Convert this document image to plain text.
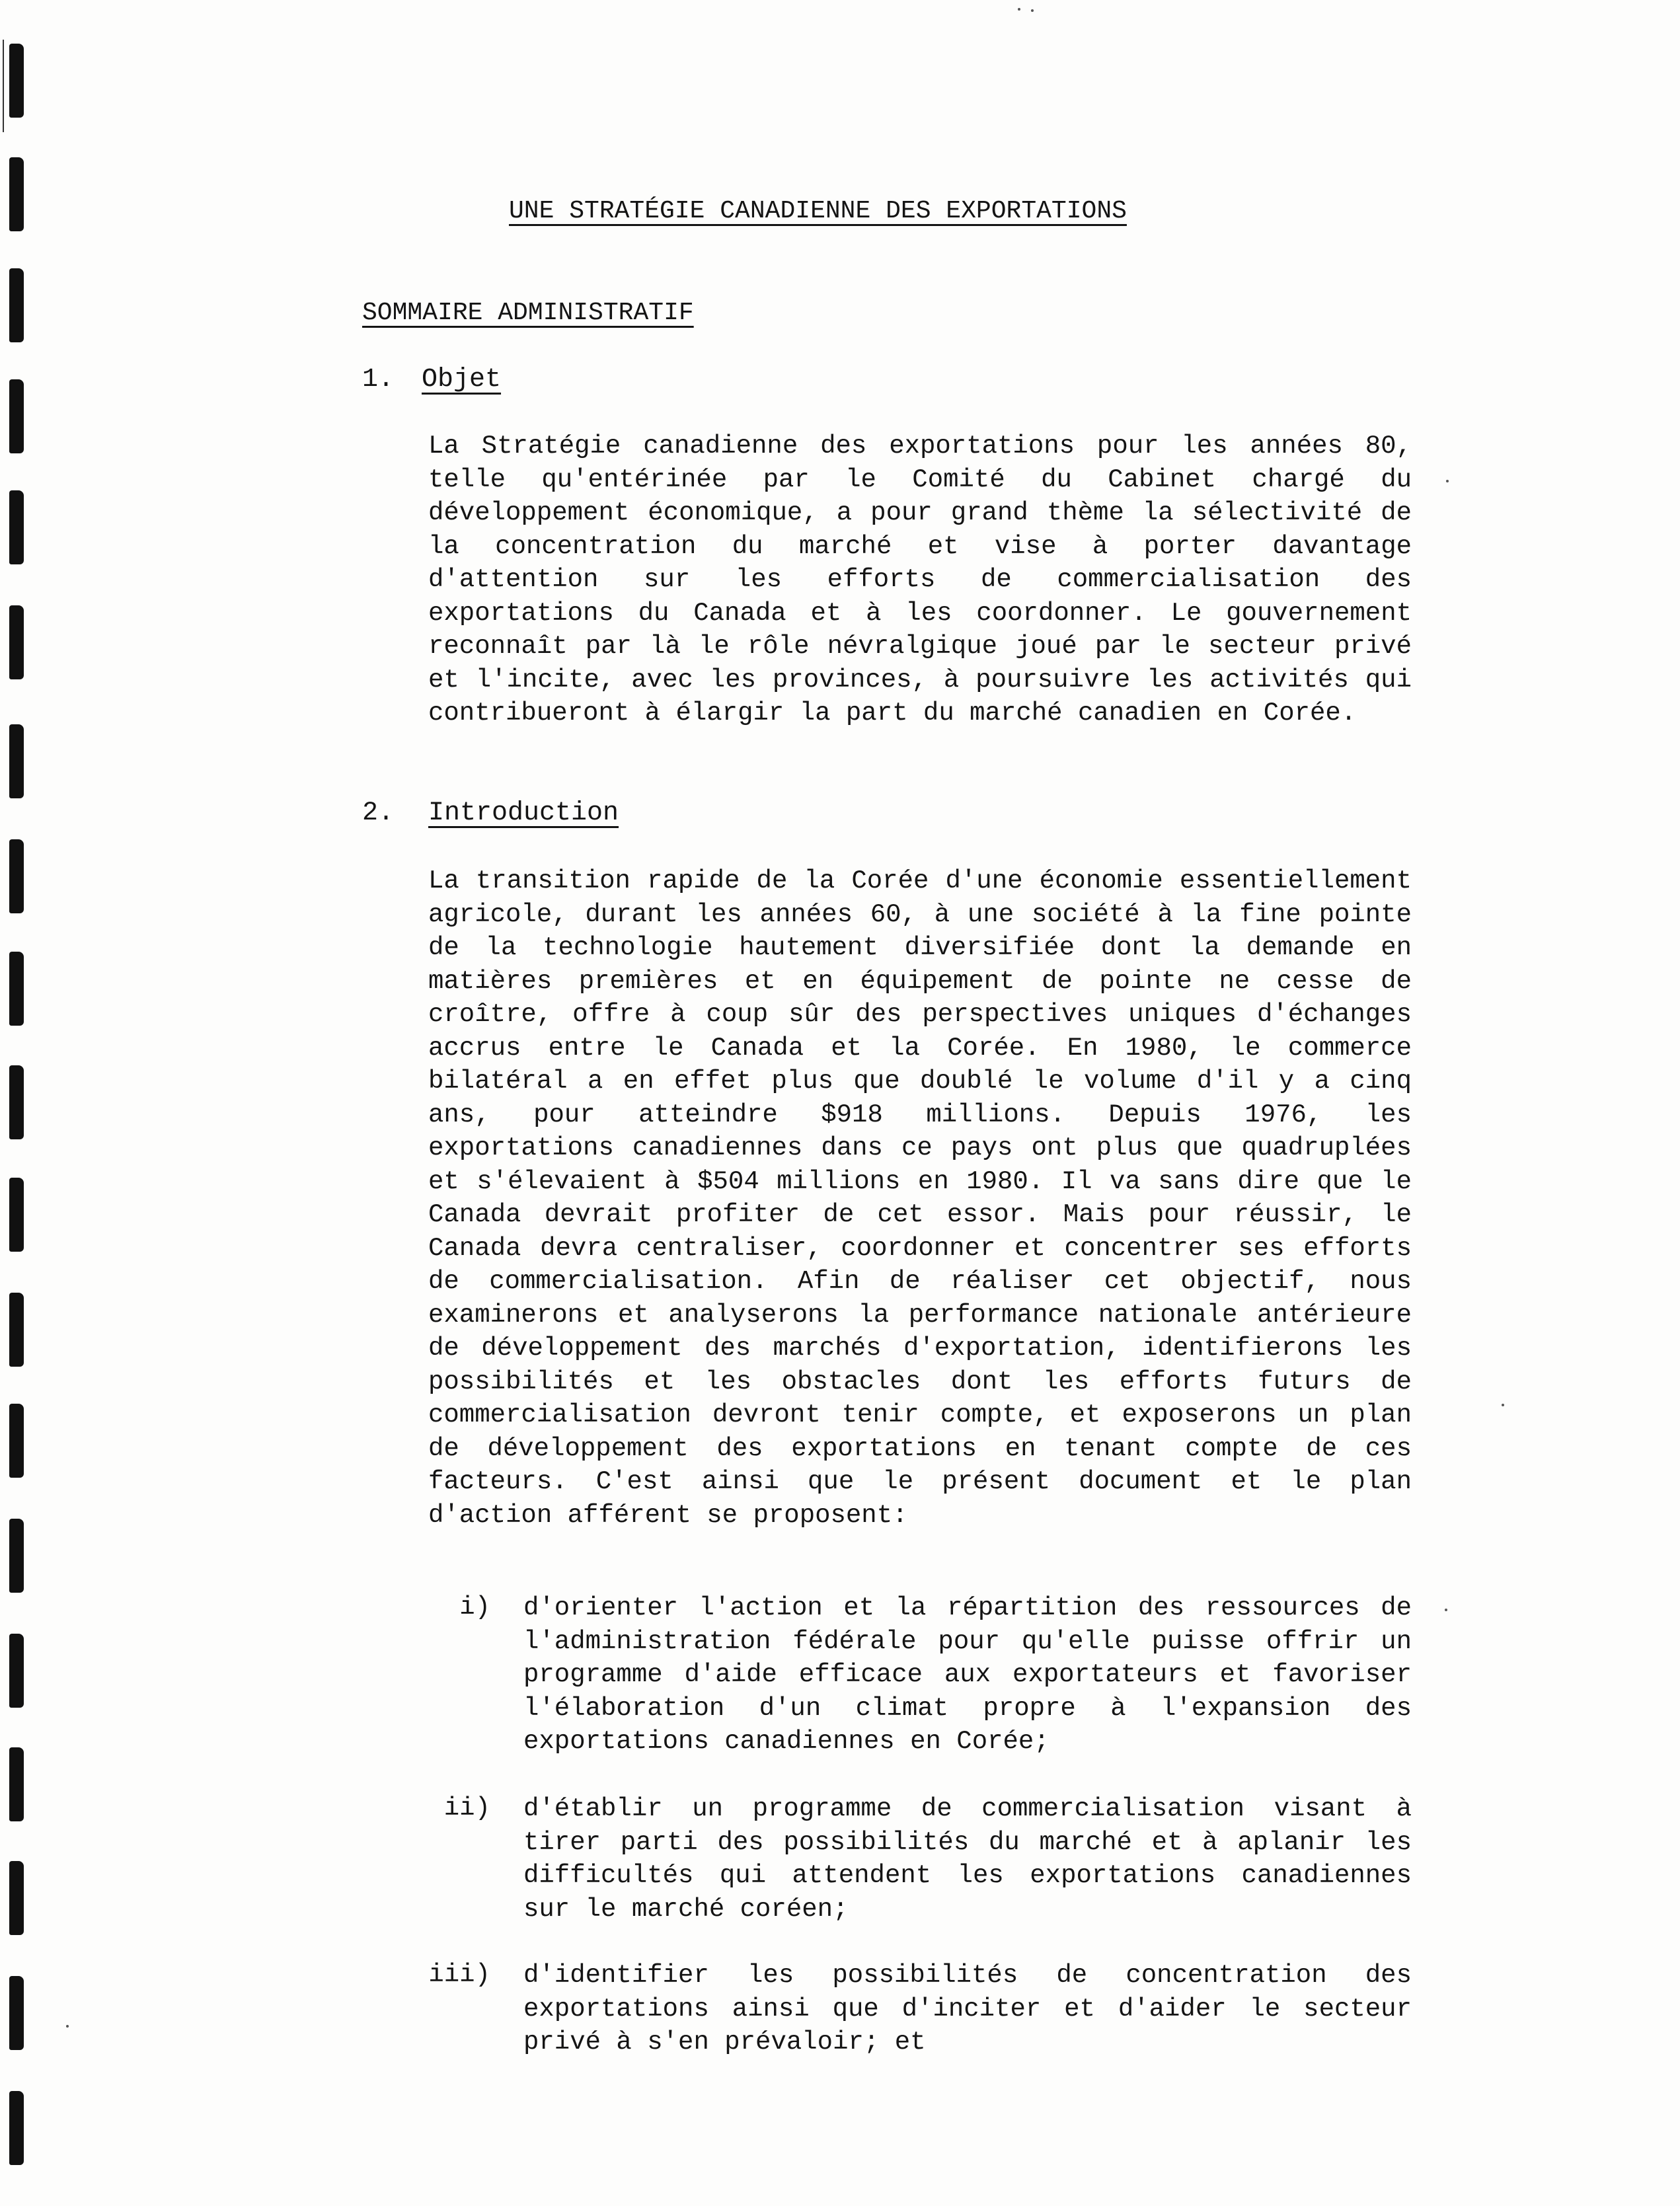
UNE STRATÉGIE CANADIENNE DES EXPORTATIONS
SOMMAIRE ADMINISTRATIF
1. Objet

La Stratégie canadienne des exportations pour les années 80, telle qu'entérinée par le Comité du Cabinet chargé du développement économique, a pour grand thème la sélectivité de la concentration du marché et vise à porter davantage d'attention sur les efforts de commercialisation des exportations du Canada et à les coordonner. Le gouvernement reconnaît par là le rôle névralgique joué par le secteur privé et l'incite, avec les provinces, à poursuivre les activités qui contribueront à élargir la part du marché canadien en Corée.

2. Introduction

La transition rapide de la Corée d'une économie essentiellement agricole, durant les années 60, à une société à la fine pointe de la technologie hautement diversifiée dont la demande en matières premières et en équipement de pointe ne cesse de croître, offre à coup sûr des perspectives uniques d'échanges accrus entre le Canada et la Corée. En 1980, le commerce bilatéral a en effet plus que doublé le volume d'il y a cinq ans, pour atteindre $918 millions. Depuis 1976, les exportations canadiennes dans ce pays ont plus que quadruplées et s'élevaient à $504 millions en 1980. Il va sans dire que le Canada devrait profiter de cet essor. Mais pour réussir, le Canada devra centraliser, coordonner et concentrer ses efforts de commercialisation. Afin de réaliser cet objectif, nous examinerons et analyserons la performance nationale antérieure de développement des marchés d'exportation, identifierons les possibilités et les obstacles dont les efforts futurs de commercialisation devront tenir compte, et exposerons un plan de développement des exportations en tenant compte de ces facteurs. C'est ainsi que le présent document et le plan d'action afférent se proposent:

i) d'orienter l'action et la répartition des ressources de l'administration fédérale pour qu'elle puisse offrir un programme d'aide efficace aux exportateurs et favoriser l'élaboration d'un climat propre à l'expansion des exportations canadiennes en Corée;

ii) d'établir un programme de commercialisation visant à tirer parti des possibilités du marché et à aplanir les difficultés qui attendent les exportations canadiennes sur le marché coréen;

iii) d'identifier les possibilités de concentration des exportations ainsi que d'inciter et d'aider le secteur privé à s'en prévaloir; et
